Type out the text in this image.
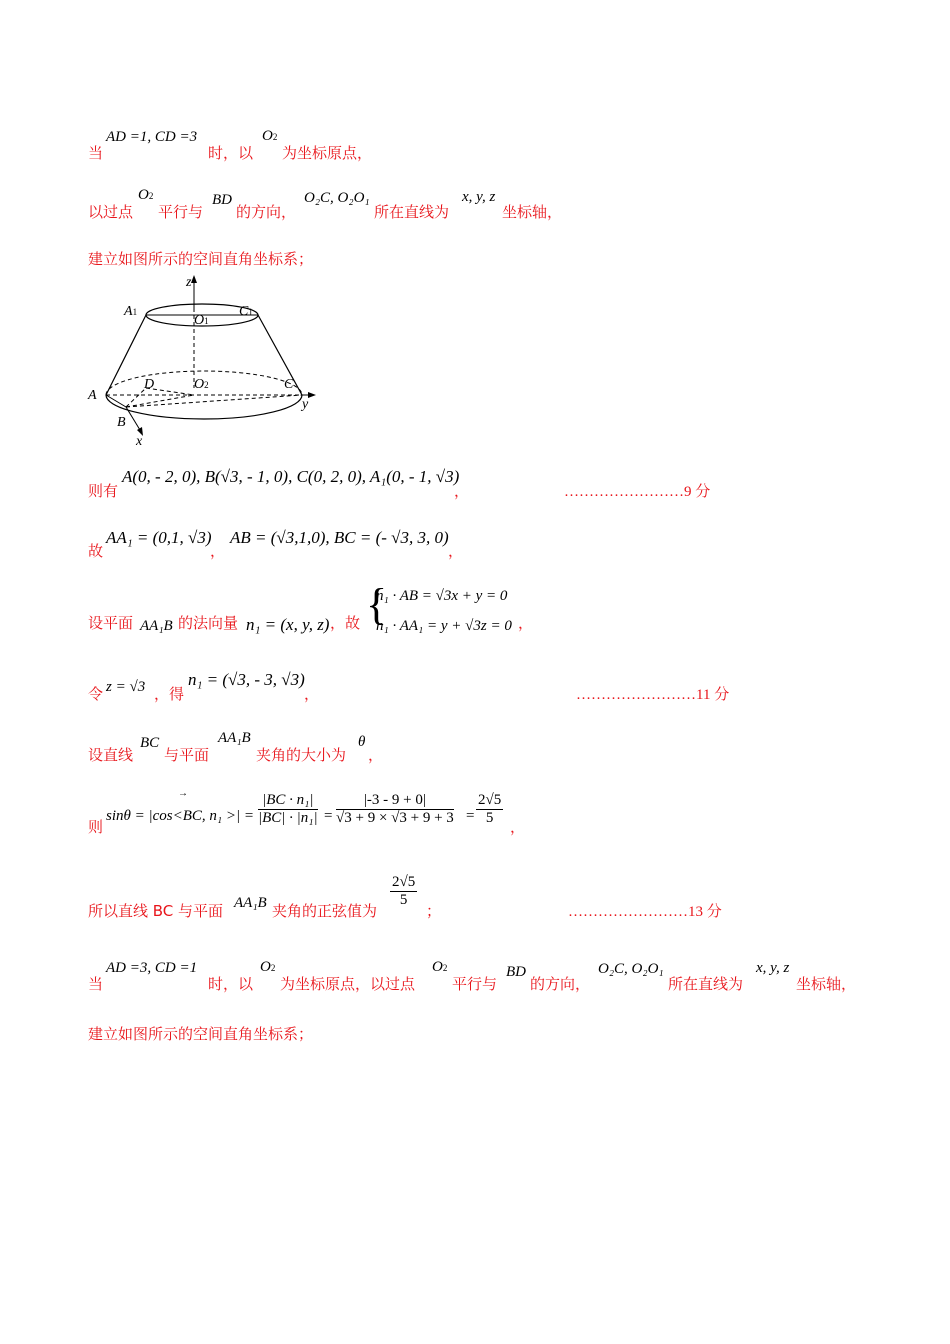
当
AD =1, CD =3
时，以
O2
为坐标原点，
以过点
O2
平行与
BD
的方向，
O₂C, O₂O₁
所在直线为
x, y, z
坐标轴，
建立如图所示的空间直角坐标系；
z
y
x
A1	C1
O1
O2
A
B
C
D
则有
A(0, - 2, 0), B(√3, - 1, 0), C(0, 2, 0), A₁(0, - 1, √3)
，	……………………9 分
故
AA₁ = (0,1, √3)
，
AB = (√3,1,0), BC = (- √3, 3, 0)
，
设平面 AA₁B 的法向量 n₁ = (x, y, z) ，故 {
n₁ · AB = √3x + y = 0
n₁ · AA₁ = y + √3z = 0 ，
令 z = √3 ，得
n₁ = (√3, - 3, √3)
，	……………………11 分
设直线
BC
与平面
AA₁B
夹角的大小为
θ
，
则
sinθ = |cos<BC, n₁ >| =
→	$\frac{\text{|BC · n₁|}}{\text{|BC| · |n₁|}} = \frac{|-3 - 9 + 0|}{√3 + 9 \times √3 + 9 + 3} = \frac{2√5}{5}$ ，
所以直线 BC 与平面 AA₁B 夹角的正弦值为
$\frac{2√5}{5}$
；	……………………13 分
当
AD =3, CD =1
时，以
O2
为坐标原点，以过点
O2
平行与
BD
的方向，
O₂C, O₂O₁
所在直线为
x, y, z
坐标轴，
建立如图所示的空间直角坐标系；
